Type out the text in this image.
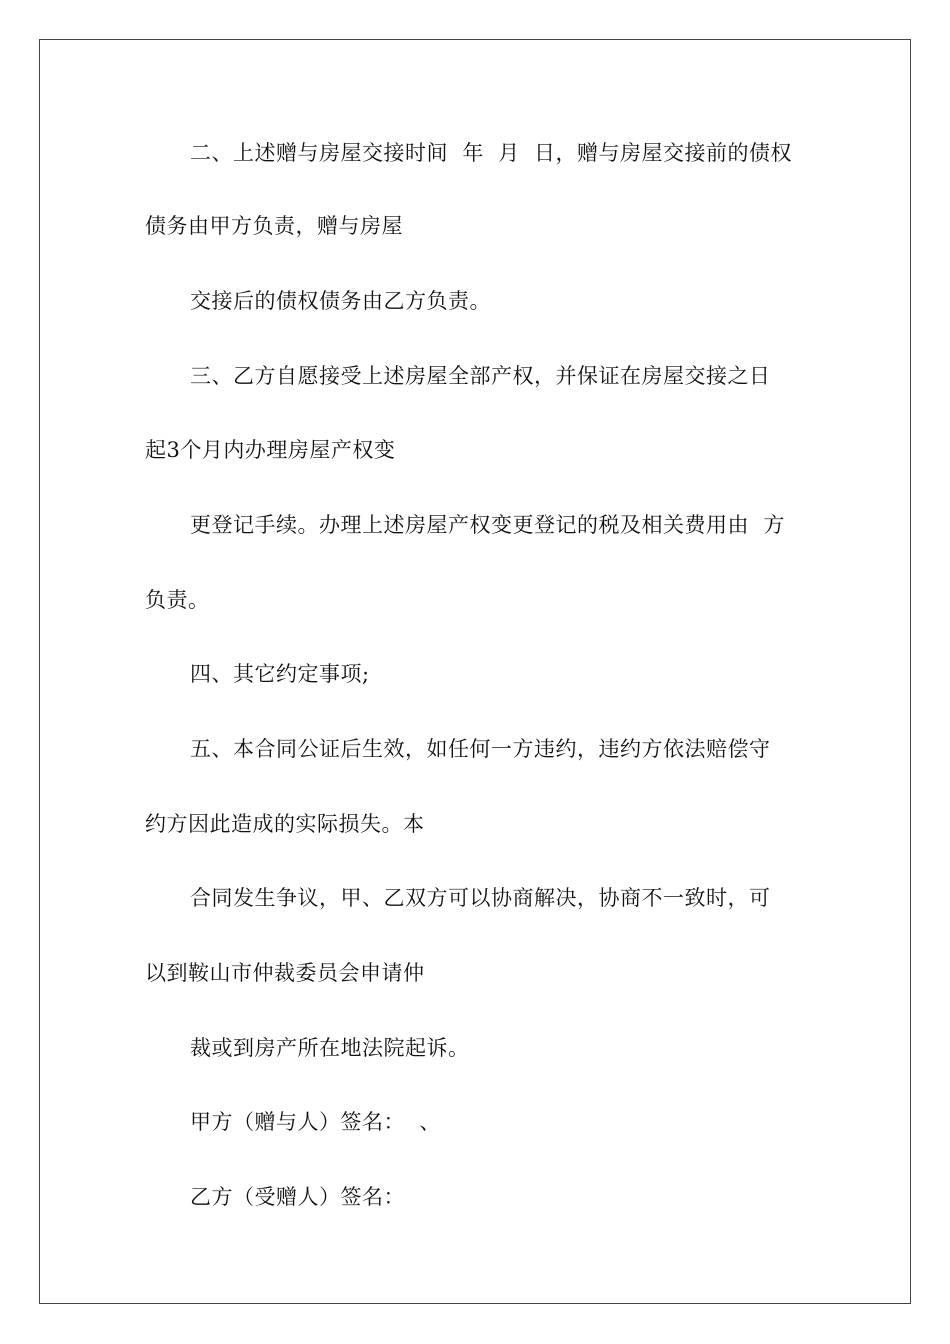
二、上述赠与房屋交接时间  年  月  日，赠与房屋交接前的债权
债务由甲方负责，赠与房屋
交接后的债权债务由乙方负责。
三、乙方自愿接受上述房屋全部产权，并保证在房屋交接之日
起3个月内办理房屋产权变
更登记手续。办理上述房屋产权变更登记的税及相关费用由  方
负责。
四、其它约定事项;
五、本合同公证后生效，如任何一方违约，违约方依法赔偿守
约方因此造成的实际损失。本
合同发生争议，甲、乙双方可以协商解决，协商不一致时，可
以到鞍山市仲裁委员会申请仲
裁或到房产所在地法院起诉。
甲方（赠与人）签名：  、
乙方（受赠人）签名：
